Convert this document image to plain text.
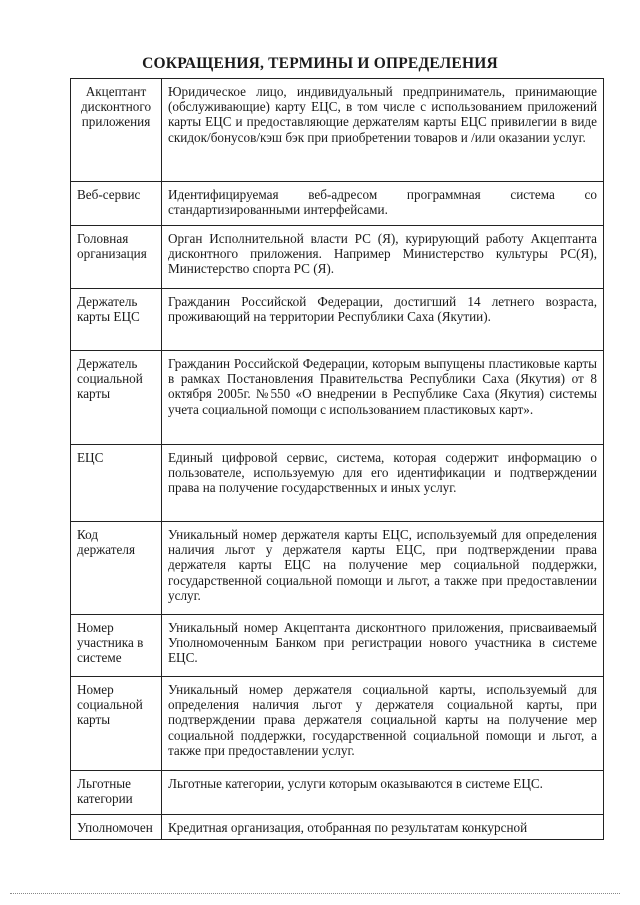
СОКРАЩЕНИЯ, ТЕРМИНЫ И ОПРЕДЕЛЕНИЯ
Акцептант дисконтного приложения	Юридическое лицо, индивидуальный предприниматель, принимающие (обслуживающие) карту ЕЦС, в том числе с использованием приложений карты ЕЦС и предоставляющие держателям карты ЕЦС привилегии в виде скидок/бонусов/кэш бэк при приобретении товаров и /или оказании услуг.
Веб-сервис	Идентифицируемая веб-адресом программная система со стандартизированными интерфейсами.
Головная организация	Орган Исполнительной власти РС (Я), курирующий работу Акцептанта дисконтного приложения. Например Министерство культуры РС(Я), Министерство спорта РС (Я).
Держатель карты ЕЦС	Гражданин Российской Федерации, достигший 14 летнего возраста, проживающий на территории Республики Саха (Якутии).
Держатель социальной карты	Гражданин Российской Федерации, которым выпущены пластиковые карты в рамках Постановления Правительства Республики Саха (Якутия) от 8 октября 2005г. №550 «О внедрении в Республике Саха (Якутия) системы учета социальной помощи с использованием пластиковых карт».
ЕЦС	Единый цифровой сервис, система, которая содержит информацию о пользователе, используемую для его идентификации и подтверждении права на получение государственных и иных услуг.
Код держателя	Уникальный номер держателя карты ЕЦС, используемый для определения наличия льгот у держателя карты ЕЦС, при подтверждении права держателя карты ЕЦС на получение мер социальной поддержки, государственной социальной помощи и льгот, а также при предоставлении услуг.
Номер участника в системе	Уникальный номер Акцептанта дисконтного приложения, присваиваемый Уполномоченным Банком при регистрации нового участника в системе ЕЦС.
Номер социальной карты	Уникальный номер держателя социальной карты, используемый для определения наличия льгот у держателя социальной карты, при подтверждении права держателя социальной карты на получение мер социальной поддержки, государственной социальной помощи и льгот, а также при предоставлении услуг.
Льготные категории	Льготные категории, услуги которым оказываются в системе ЕЦС.
Уполномочен	Кредитная организация, отобранная по результатам конкурсной
